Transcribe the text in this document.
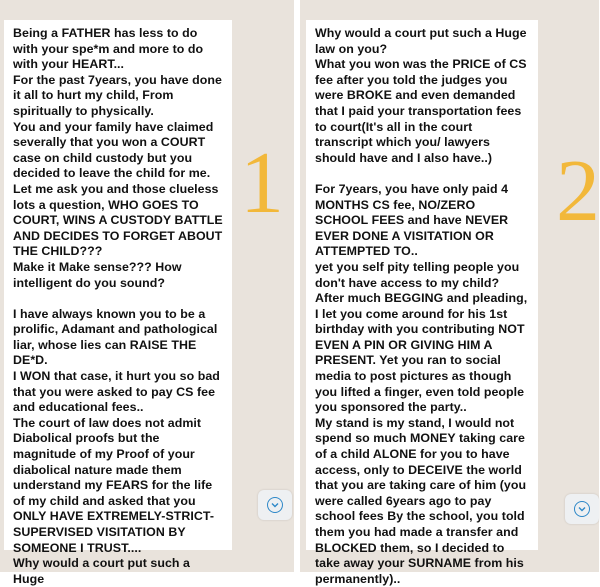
Being a FATHER has less to do with your spe*m and more to do with your HEART...
For the past 7years, you have done it all to hurt my child, From spiritually to physically.
You and your family have claimed severally that you won a COURT case on child custody but you decided to leave the child for me.
Let me ask you and those clueless lots a question, WHO GOES TO COURT, WINS A CUSTODY BATTLE AND DECIDES TO FORGET ABOUT THE CHILD???
Make it Make sense??? How intelligent do you sound?

I have always known you to be a prolific, Adamant and pathological liar, whose lies can RAISE THE DE*D.
I WON that case, it hurt you so bad that you were asked to pay CS fee and educational fees..
The court of law does not admit Diabolical proofs but the magnitude of my Proof of your diabolical nature made them understand my FEARS for the life of my child and asked that you ONLY HAVE EXTREMELY-STRICT-SUPERVISED VISITATION BY SOMEONE I TRUST....
Why would a court put such a Huge
1
Why would a court put such a Huge law on you?
What you won was the PRICE of CS fee after you told the judges you were BROKE and even demanded that I paid your transportation fees to court(It's all in the court transcript which you/ lawyers should have and I also have..)

For 7years, you have only paid 4 MONTHS CS fee, NO/ZERO SCHOOL FEES and have NEVER EVER DONE A VISITATION OR ATTEMPTED TO..
yet you self pity telling people you don't have access to my child?
After much BEGGING and pleading, I let you come around for his 1st birthday with you contributing NOT EVEN A PIN OR GIVING HIM A PRESENT. Yet you ran to social media to post pictures as though you lifted a finger, even told people you sponsored the party..
My stand is my stand, I would not spend so much MONEY taking care of a child ALONE for you to have access, only to DECEIVE the world that you are taking care of him (you were called 6years ago to pay school fees By the school, you told them you had made a transfer and BLOCKED them, so I decided to take away your SURNAME from his permanently)..
2
